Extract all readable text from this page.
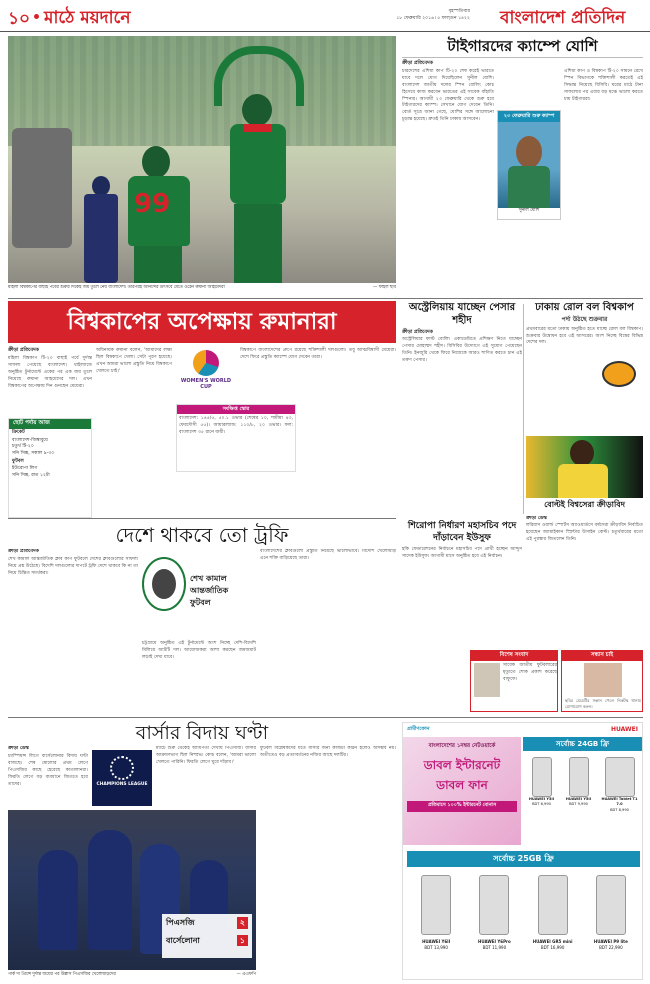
১০ মাঠে ময়দানে	বৃহস্পতিবার
১৮ ফেব্রুয়ারি ২০১৬। ৫ ফাল্গুন ১৪২২ বাংলাদেশ প্রতিদিন
99
মহিলা বিশ্বকাপের বাছাই পর্বের শুরুর দিকেই জয় তুলে নেয় বাংলাদেশ। তারপরই আনন্দের উৎসবে মেতে ওঠেন রুমানা আহমেদরা	— ফাইল ছবি
টাইগারদের ক্যাম্পে যোশি
ক্রীড়া প্রতিবেদক

চারদেশের এশিয়া কাপ টি-২০ শেষ করেই ভারতে যাবে দলে যোগ দিয়েছিলেন সুনীল যোশি। বাংলাদেশ জাতীয় দলের স্পিন বোলিং কোচ হিসেবে কাজ করবেন ভারতের এই সাবেক বাঁহাতি স্পিনার। আগামী ২৩ ফেব্রুয়ারি থেকে শুরু হবে টাইগারদের ক্যাম্প। সেখানে যোগ দেবেন তিনি। বোর্ড সূত্রে জানা গেছে, যোশির সঙ্গে আলোচনা চূড়ান্ত হয়েছে। দ্রুতই তিনি ঢাকায় আসবেন।

২৩ ফেব্রুয়ারি শুরু ক্যাম্প
সুনীল যোশি

এশিয়া কাপ ও বিশ্বকাপ টি-২০ সামনে রেখে স্পিন বিভাগকে শক্তিশালী করতেই এই সিদ্ধান্ত নিয়েছে বিসিবি। ঘরের মাঠে টানা সাফল্যের পর এবার বড় মঞ্চে ভালো করতে চায় টাইগাররা।

বিশ্বকাপের অপেক্ষায় রুমানারা
ক্রীড়া প্রতিবেদক

মহিলা বিশ্বকাপ টি-২০ বাছাই পর্বে দুর্দান্ত সাফল্য পেয়েছে বাংলাদেশ। থাইল্যান্ডে অনুষ্ঠিত টুর্নামেন্টে একের পর এক জয় তুলে নিয়েছে রুমানা আহমেদের দল। এখন বিশ্বকাপের অপেক্ষায় দিন গুনছেন মেয়েরা।

অধিনায়ক রুমানা বলেন, 'আমাদের লক্ষ্য ছিল বিশ্বকাপে খেলা। সেটা পূরণ হয়েছে। এখন আমরা ভালো প্রস্তুতি নিয়ে বিশ্বকাপে খেলতে চাই।'

WOMEN'S WORLD CUP
সংক্ষিপ্ত স্কোর
বাংলাদেশ: ১৪৫/৫, ৫০.১ ওভার (শেষের ১০, শামীমা ৪৩, ফেরদৌসী ৫৫)। আয়ারল্যান্ড: ১১০/৮, ২০ ওভার। ফল: বাংলাদেশ ৩৫ রানে জয়ী।

বিশ্বকাপে বাংলাদেশের গ্রুপে রয়েছে শক্তিশালী দলগুলো। তবু আত্মবিশ্বাসী মেয়েরা। দেশে ফিরে প্রস্তুতি ক্যাম্পে যোগ দেবেন তারা।

ছোট পর্দায় আজ
ক্রিকেট
বাংলাদেশ-জিম্বাবুয়ে
চতুর্থ টি-২০
সনি সিক্স, সকাল ৯-৩০
ফুটবল
ইউরোপা লিগ
সনি সিক্স, রাত ১২টা
অস্ট্রেলিয়ায় যাচ্ছেন পেসার শহীদ
ক্রীড়া প্রতিবেদক
অস্ট্রেলিয়ার ফাস্ট বোলিং একাডেমিতে প্রশিক্ষণ নিতে যাচ্ছেন পেসার মোহাম্মদ শহীদ। বিসিবির উদ্যোগে এই সুযোগ পেয়েছেন তিনি। ইনজুরি থেকে ফিরে নিজেকে আরও শাণিত করতে চান এই তরুণ পেসার।
ঢাকায় রোল বল বিশ্বকাপ
পর্দা উঠছে শুক্রবার
প্রথমবারের মতো ঢাকায় অনুষ্ঠিত হতে যাচ্ছে রোল বল বিশ্বকাপ। শুক্রবার উদ্বোধন হবে এই আসরের। অংশ নিচ্ছে বিশ্বের বিভিন্ন দেশের দল।
বোল্টই বিশ্বসেরা ক্রীড়াবিদ
দেশে থাকবে তো ট্রফি
ক্রীড়া প্রতিবেদক

শেখ কামাল আন্তর্জাতিক ক্লাব কাপ ফুটবলে দেশের ক্লাবগুলোর সাফল্য নিয়ে প্রশ্ন উঠেছে। বিদেশি দলগুলোর দাপটে ট্রফি দেশে থাকবে কি না তা নিয়ে চিন্তিত সমর্থকরা।

শেখ কামাল
আন্তর্জাতিক
ফুটবল

চট্টগ্রামে অনুষ্ঠিত এই টুর্নামেন্টে অংশ নিচ্ছে দেশি-বিদেশি মিলিয়ে আটটি দল। আয়োজকরা আশা করছেন জমজমাট লড়াই দেখা যাবে।

বাংলাদেশের ক্লাবগুলো প্রস্তুতি নিয়েছে ভালোভাবে। বিদেশি খেলোয়াড় এনে শক্তি বাড়িয়েছে তারা।

শিরোপা নির্ধারণ মহাসচিব পদে দাঁড়াবেন ইউসুফ
হকি ফেডারেশনের নির্বাচনে মহাসচিব পদে প্রার্থী হচ্ছেন আব্দুস সাদেক ইউসুফ। আগামী মাসে অনুষ্ঠিত হবে এই নির্বাচন।
ক্রীড়া ডেস্ক
লরিয়াস ওয়ার্ল্ড স্পোর্টস অ্যাওয়ার্ডসে বর্ষসেরা ক্রীড়াবিদ নির্বাচিত হয়েছেন জ্যামাইকান স্প্রিন্টার উসাইন বোল্ট। চতুর্থবারের মতো এই পুরস্কার জিতলেন তিনি।
বিশেষ সংবাদ
সাবেক জাতীয় ফুটবলারের মৃত্যুতে শোক প্রকাশ করেছে বাফুফে।
সন্ধান চাই
ছবির মেয়েটির সন্ধান পেলে নিকটস্থ থানায় যোগাযোগ করুন।
বার্সার বিদায় ঘণ্টা
ক্রীড়া ডেস্ক

চ্যাম্পিয়ন্স লিগে বার্সেলোনার বিদায় ঘণ্টা বাজছে। শেষ ষোলোর প্রথম লেগে পিএসজির কাছে হেরেছে কাতালানরা। ফিরতি লেগে বড় ব্যবধানে জিততে হবে তাদের।	CHAMPIONS LEAGUE

ম্যাচে শুরু থেকেই আধিপত্য দেখায় পিএসজি। বার্সার আক্রমণভাগ ছিল নিষ্প্রভ। কোচ বলেন, 'আমরা ভালো খেলতে পারিনি। ফিরতি লেগে ঘুরে দাঁড়াব।'

পিএসজি	২
বার্সেলোনা	১
পার্ক দ্য প্রিন্সে দুর্দান্ত জয়ের পর উল্লাস পিএসজির খেলোয়াড়দের	— এএফপি

ফুটবল বিশ্লেষকদের মতে বার্সার জন্য কাজটা কঠিন হলেও অসম্ভব নয়। অতীতেও বড় প্রত্যাবর্তনের নজির আছে দলটির।

গ্রামীণফোন	HUAWEI
বাংলাদেশের ১নম্বর নেটওয়ার্কে
ডাবল ইন্টারনেট
ডাবল ফান
প্রতিমাসে ১০০% ইন্টারনেট বোনাস
সর্বোচ্চ 24GB ফ্রি
HUAWEI Y3II
BDT 6,990
HUAWEI Y5II
BDT 9,990
HUAWEI Tablet T1 7.0
BDT 8,990
সর্বোচ্চ 25GB ফ্রি
HUAWEI Y6II
BDT 13,990
HUAWEI Y6Pro
BDT 11,990
HUAWEI GR5 mini
BDT 16,990
HUAWEI P9 lite
BDT 22,990
